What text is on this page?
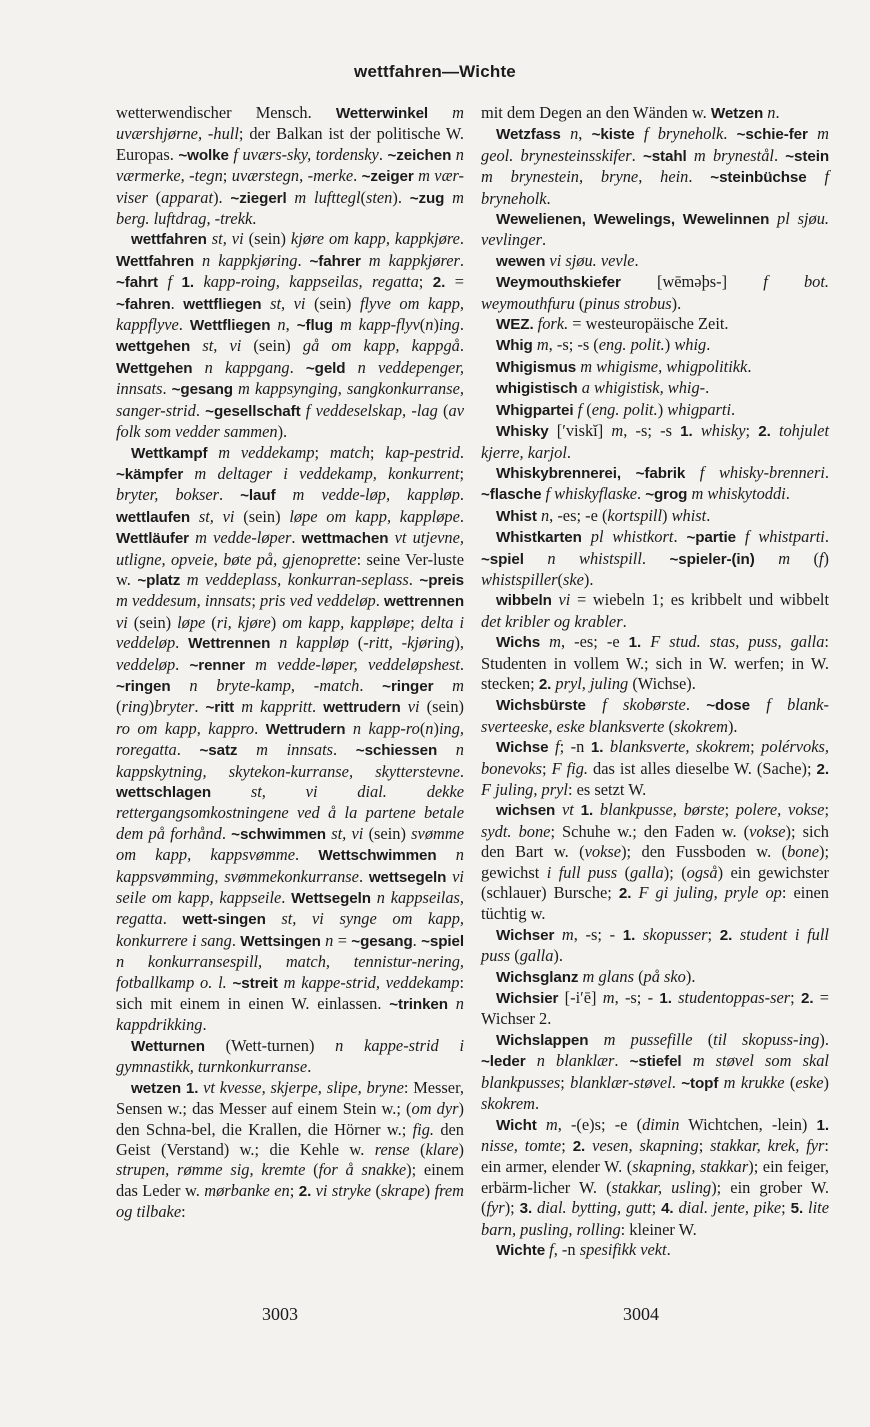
wettfahren—Wichte

wetterwendischer Mensch. Wetterwinkel m uværshjørne, -hull; der Balkan ist der politische W. Europas. ~wolke f uværs-sky, tordensky. ~zeichen n værmerke, -tegn; uværstegn, -merke. ~zeiger m vær-viser (apparat). ~ziegerl m lufttegl(sten). ~zug m berg. luftdrag, -trekk.

wettfahren st, vi (sein) kjøre om kapp, kappkjøre. Wettfahren n kappkjøring. ~fahrer m kappkjører. ~fahrt f 1. kapp-roing, kappseilas, regatta; 2. = ~fahren. wettfliegen st, vi (sein) flyve om kapp, kappflyve. Wettfliegen n, ~flug m kapp-flyv(n)ing. wettgehen st, vi (sein) gå om kapp, kappgå. Wettgehen n kappgang. ~geld n veddepenger, innsats. ~gesang m kappsynging, sangkonkurranse, sanger-strid. ~gesellschaft f veddeselskap, -lag (av folk som vedder sammen).

Wettkampf m veddekamp; match; kap-pestrid. ~kämpfer m deltager i veddekamp, konkurrent; bryter, bokser. ~lauf m vedde-løp, kappløp. wettlaufen st, vi (sein) løpe om kapp, kappløpe. Wettläufer m vedde-løper. wettmachen vt utjevne, utligne, opveie, bøte på, gjenoprette: seine Ver-luste w. ~platz m veddeplass, konkurran-seplass. ~preis m veddesum, innsats; pris ved veddeløp. wettrennen vi (sein) løpe (ri, kjøre) om kapp, kappløpe; delta i veddeløp. Wettrennen n kappløp (-ritt, -kjøring), veddeløp. ~renner m vedde-løper, veddeløpshest. ~ringen n bryte-kamp, -match. ~ringer m (ring)bryter. ~ritt m kappritt. wettrudern vi (sein) ro om kapp, kappro. Wettrudern n kapp-ro(n)ing, roregatta. ~satz m innsats. ~schiessen n kappskytning, skytekon-kurranse, skytterstevne. wettschlagen st, vi dial. dekke rettergangsomkostningene ved å la partene betale dem på forhånd. ~schwimmen st, vi (sein) svømme om kapp, kappsvømme. Wettschwimmen n kappsvømming, svømmekonkurranse. wettsegeln vi seile om kapp, kappseile. Wettsegeln n kappseilas, regatta. wett-singen st, vi synge om kapp, konkurrere i sang. Wettsingen n = ~gesang. ~spiel n konkurransespill, match, tennistur-nering, fotballkamp o. l. ~streit m kappe-strid, veddekamp: sich mit einem in einen W. einlassen. ~trinken n kappdrikking.

Wetturnen (Wett-turnen) n kappe-strid i gymnastikk, turnkonkurranse.

wetzen 1. vt kvesse, skjerpe, slipe, bryne: Messer, Sensen w.; das Messer auf einem Stein w.; (om dyr) den Schna-bel, die Krallen, die Hörner w.; fig. den Geist (Verstand) w.; die Kehle w. rense (klare) strupen, rømme sig, kremte (for å snakke); einem das Leder w. mørbanke en; 2. vi stryke (skrape) frem og tilbake:

mit dem Degen an den Wänden w. Wetzen n.

Wetzfass n, ~kiste f bryneholk. ~schie-fer m geol. brynesteinsskifer. ~stahl m brynestål. ~stein m brynestein, bryne, hein. ~steinbüchse f bryneholk.

Wewelienen, Wewelings, Wewelinnen pl sjøu. vevlinger.

wewen vi sjøu. vevle.

Weymouthskiefer [wēmǝþs-] f bot. weymouthfuru (pinus strobus).

WEZ. fork. = westeuropäische Zeit.

Whig m, -s; -s (eng. polit.) whig.

Whigismus m whigisme, whigpolitikk.

whigistisch a whigistisk, whig-.

Whigpartei f (eng. polit.) whigparti.

Whisky [′viskĭ] m, -s; -s 1. whisky; 2. tohjulet kjerre, karjol.

Whiskybrennerei, ~fabrik f whisky-brenneri. ~flasche f whiskyflaske. ~grog m whiskytoddi.

Whist n, -es; -e (kortspill) whist.

Whistkarten pl whistkort. ~partie f whistparti. ~spiel n whistspill. ~spieler-(in) m (f) whistspiller(ske).

wibbeln vi = wiebeln 1; es kribbelt und wibbelt det kribler og krabler.

Wichs m, -es; -e 1. F stud. stas, puss, galla: Studenten in vollem W.; sich in W. werfen; in W. stecken; 2. pryl, juling (Wichse).

Wichsbürste f skobørste. ~dose f blank-sverteeske, eske blanksverte (skokrem).

Wichse f; -n 1. blanksverte, skokrem; polérvoks, bonevoks; F fig. das ist alles dieselbe W. (Sache); 2. F juling, pryl: es setzt W.

wichsen vt 1. blankpusse, børste; polere, vokse; sydt. bone; Schuhe w.; den Faden w. (vokse); sich den Bart w. (vokse); den Fussboden w. (bone); gewichst i full puss (galla); (også) ein gewichster (schlauer) Bursche; 2. F gi juling, pryle op: einen tüchtig w.

Wichser m, -s; - 1. skopusser; 2. student i full puss (galla).

Wichsglanz m glans (på sko).

Wichsier [-i′ē] m, -s; - 1. studentoppas-ser; 2. = Wichser 2.

Wichslappen m pussefille (til skopuss-ing). ~leder n blanklær. ~stiefel m støvel som skal blankpusses; blanklær-støvel. ~topf m krukke (eske) skokrem.

Wicht m, -(e)s; -e (dimin Wichtchen, -lein) 1. nisse, tomte; 2. vesen, skapning; stakkar, krek, fyr: ein armer, elender W. (skapning, stakkar); ein feiger, erbärm-licher W. (stakkar, usling); ein grober W. (fyr); 3. dial. bytting, gutt; 4. dial. jente, pike; 5. lite barn, pusling, rolling: kleiner W.

Wichte f, -n spesifikk vekt.

3003	3004
